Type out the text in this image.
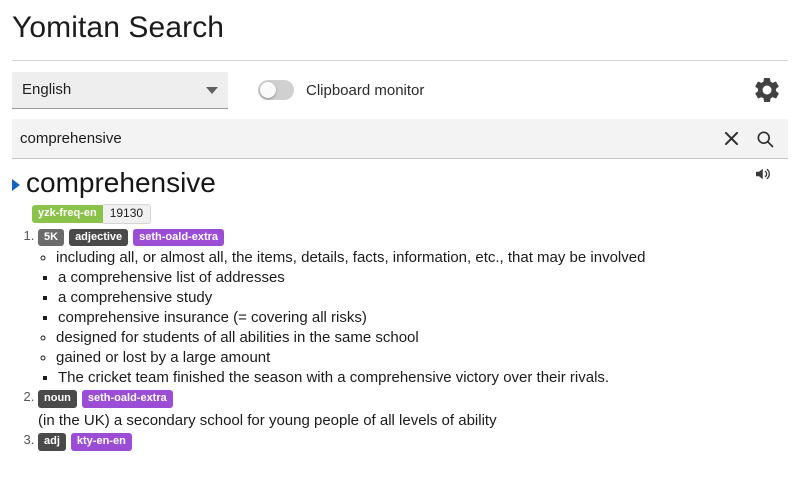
Yomitan Search
English	Clipboard monitor
comprehensive
comprehensive
yzk-freq-en	19130
1. 5K	adjective	seth-oald-extra
◦ including all, or almost all, the items, details, facts, information, etc., that may be involved
▪ a comprehensive list of addresses
▪ a comprehensive study
▪ comprehensive insurance (= covering all risks)
◦ designed for students of all abilities in the same school
◦ gained or lost by a large amount
▪ The cricket team finished the season with a comprehensive victory over their rivals.
2. noun	seth-oald-extra
(in the UK) a secondary school for young people of all levels of ability
3. adj	kty-en-en
